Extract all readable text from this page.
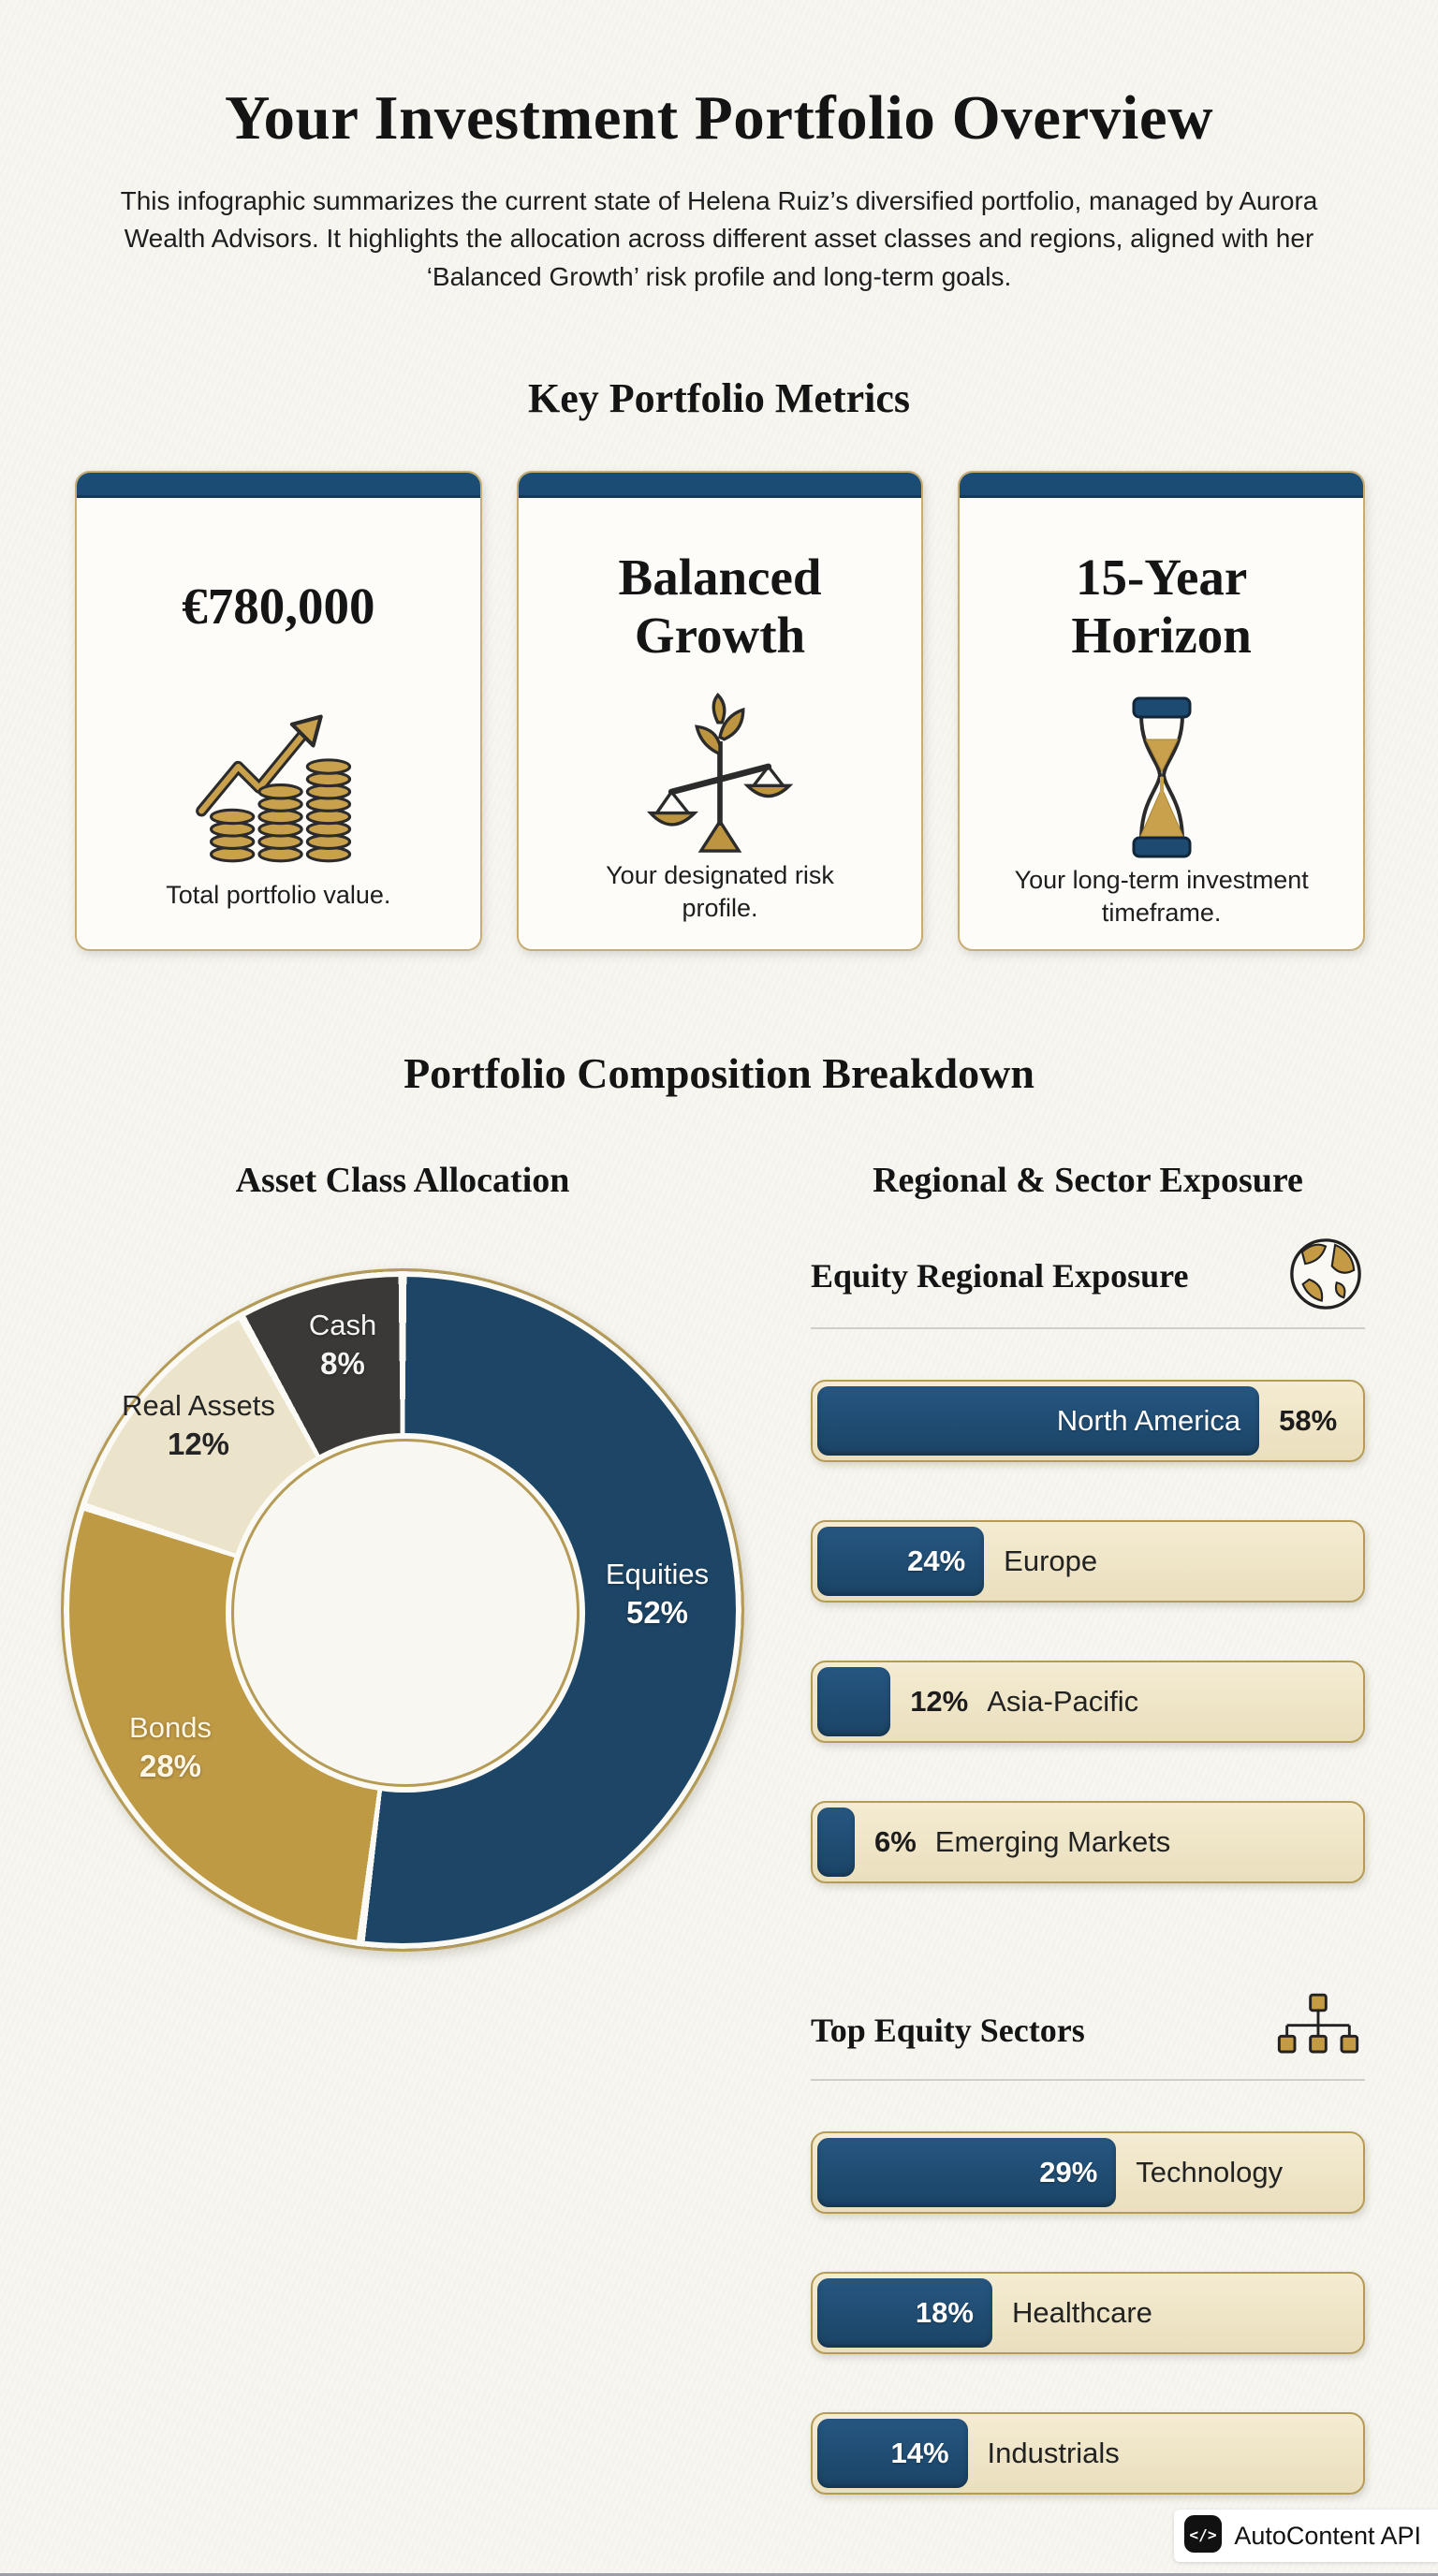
Your Investment Portfolio Overview

This infographic summarizes the current state of Helena Ruiz’s diversified portfolio, managed by Aurora Wealth Advisors. It highlights the allocation across different asset classes and regions, aligned with her ‘Balanced Growth’ risk profile and long-term goals.

Key Portfolio Metrics
€780,000
Total portfolio value.
Balanced Growth
Your designated risk profile.
15-Year Horizon
Your long-term investment timeframe.
Portfolio Composition Breakdown
Asset Class Allocation
Equities
52%
Bonds
28%
Real Assets
12%
Cash
8%
Regional & Sector Exposure
Equity Regional Exposure
North America	58%
24%	Europe
12% Asia-Pacific
6% Emerging Markets
Top Equity Sectors
29%	Technology
18%	Healthcare
14%	Industrials
</> AutoContent API
